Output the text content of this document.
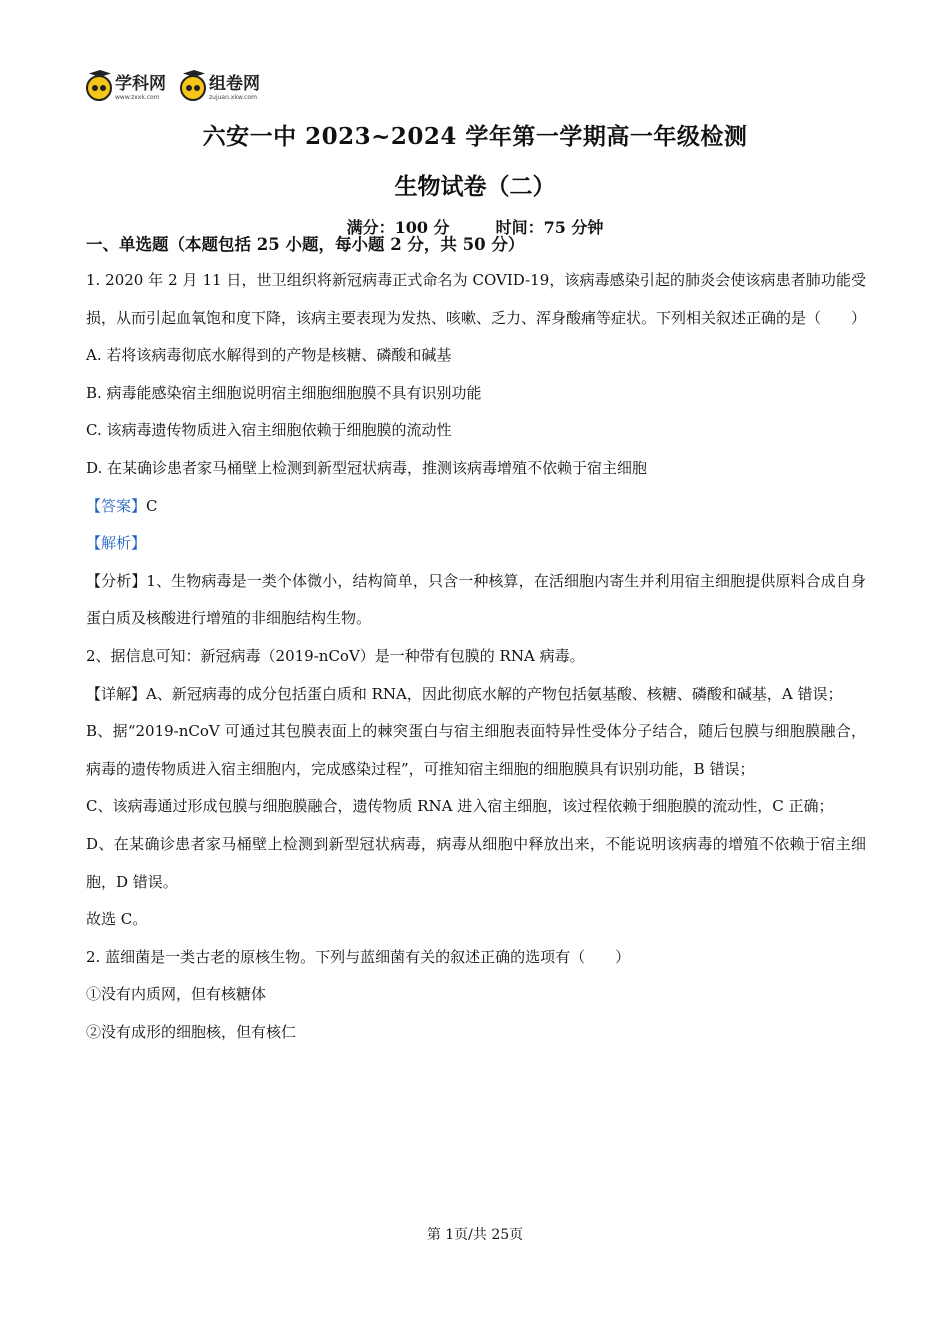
学科网
www.zxxk.com
组卷网
zujuan.xkw.com
六安一中 2023~2024 学年第一学期高一年级检测
生物试卷（二）
满分：100 分	时间：75 分钟

一、单选题（本题包括 25 小题，每小题 2 分，共 50 分）

1. 2020 年 2 月 11 日，世卫组织将新冠病毒正式命名为 COVID-19，该病毒感染引起的肺炎会使该病患者肺功能受损，从而引起血氧饱和度下降，该病主要表现为发热、咳嗽、乏力、浑身酸痛等症状。下列相关叙述正确的是（　　）

A. 若将该病毒彻底水解得到的产物是核糖、磷酸和碱基

B. 病毒能感染宿主细胞说明宿主细胞细胞膜不具有识别功能

C. 该病毒遗传物质进入宿主细胞依赖于细胞膜的流动性

D. 在某确诊患者家马桶壁上检测到新型冠状病毒，推测该病毒增殖不依赖于宿主细胞

【答案】C

【解析】

【分析】1、生物病毒是一类个体微小，结构简单，只含一种核算，在活细胞内寄生并利用宿主细胞提供原料合成自身蛋白质及核酸进行增殖的非细胞结构生物。

2、据信息可知：新冠病毒（2019-nCoV）是一种带有包膜的 RNA 病毒。

【详解】A、新冠病毒的成分包括蛋白质和 RNA，因此彻底水解的产物包括氨基酸、核糖、磷酸和碱基，A 错误；

B、据“2019-nCoV 可通过其包膜表面上的棘突蛋白与宿主细胞表面特异性受体分子结合，随后包膜与细胞膜融合，病毒的遗传物质进入宿主细胞内，完成感染过程”，可推知宿主细胞的细胞膜具有识别功能，B 错误；

C、该病毒通过形成包膜与细胞膜融合，遗传物质 RNA 进入宿主细胞，该过程依赖于细胞膜的流动性，C 正确；

D、在某确诊患者家马桶壁上检测到新型冠状病毒，病毒从细胞中释放出来，不能说明该病毒的增殖不依赖于宿主细胞，D 错误。

故选 C。

2. 蓝细菌是一类古老的原核生物。下列与蓝细菌有关的叙述正确的选项有（　　）

①没有内质网，但有核糖体

②没有成形的细胞核，但有核仁

第 1页/共 25页
